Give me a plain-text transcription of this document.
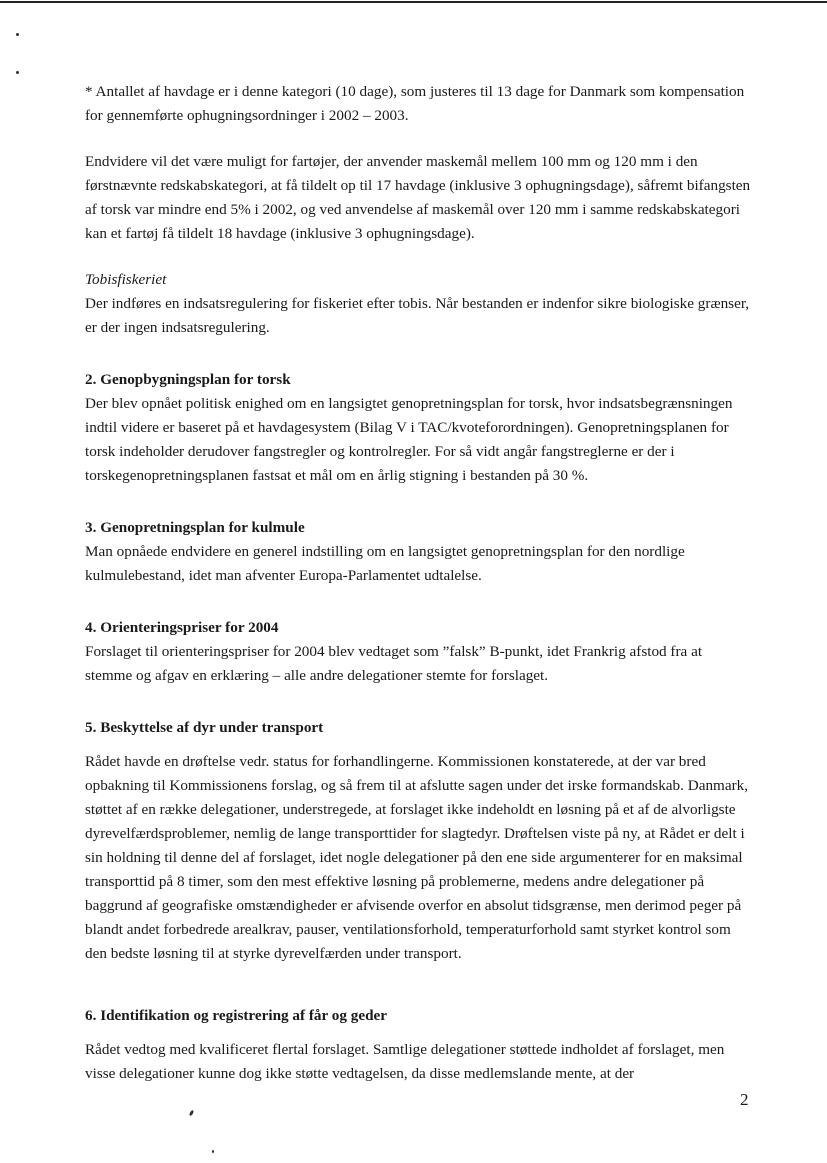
* Antallet af havdage er i denne kategori (10 dage), som justeres til 13 dage for Danmark som kompensation for gennemførte ophugningsordninger i 2002 – 2003.

Endvidere vil det være muligt for fartøjer, der anvender maskemål mellem 100 mm og 120 mm i den førstnævnte redskabskategori, at få tildelt op til 17 havdage (inklusive 3 ophugningsdage), såfremt bifangsten af torsk var mindre end 5% i 2002, og ved anvendelse af maskemål over 120 mm i samme redskabskategori kan et fartøj få tildelt 18 havdage (inklusive 3 ophugningsdage).

Tobisfiskeriet

Der indføres en indsatsregulering for fiskeriet efter tobis. Når bestanden er indenfor sikre biologiske grænser, er der ingen indsatsregulering.

2. Genopbygningsplan for torsk

Der blev opnået politisk enighed om en langsigtet genopretningsplan for torsk, hvor indsatsbegrænsningen indtil videre er baseret på et havdagesystem (Bilag V i TAC/kvoteforordningen). Genopretningsplanen for torsk indeholder derudover fangstregler og kontrolregler. For så vidt angår fangstreglerne er der i torskegenopretningsplanen fastsat et mål om en årlig stigning i bestanden på 30 %.

3. Genopretningsplan for kulmule

Man opnåede endvidere en generel indstilling om en langsigtet genopretningsplan for den nordlige kulmulebestand, idet man afventer Europa-Parlamentet udtalelse.

4. Orienteringspriser for 2004

Forslaget til orienteringspriser for 2004 blev vedtaget som ”falsk” B-punkt, idet Frankrig afstod fra at stemme og afgav en erklæring – alle andre delegationer stemte for forslaget.

5. Beskyttelse af dyr under transport

Rådet havde en drøftelse vedr. status for forhandlingerne. Kommissionen konstaterede, at der var bred opbakning til Kommissionens forslag, og så frem til at afslutte sagen under det irske formandskab. Danmark, støttet af en række delegationer, understregede, at forslaget ikke indeholdt en løsning på et af de alvorligste dyrevelfærdsproblemer, nemlig de lange transporttider for slagtedyr. Drøftelsen viste på ny, at Rådet er delt i sin holdning til denne del af forslaget, idet nogle delegationer på den ene side argumenterer for en maksimal transporttid på 8 timer, som den mest effektive løsning på problemerne, medens andre delegationer på baggrund af geografiske omstændigheder er afvisende overfor en absolut tidsgrænse, men derimod peger på blandt andet forbedrede arealkrav, pauser, ventilationsforhold, temperaturforhold samt styrket kontrol som den bedste løsning til at styrke dyrevelfærden under transport.

6. Identifikation og registrering af får og geder

Rådet vedtog med kvalificeret flertal forslaget. Samtlige delegationer støttede indholdet af forslaget, men visse delegationer kunne dog ikke støtte vedtagelsen, da disse medlemslande mente, at der

2
